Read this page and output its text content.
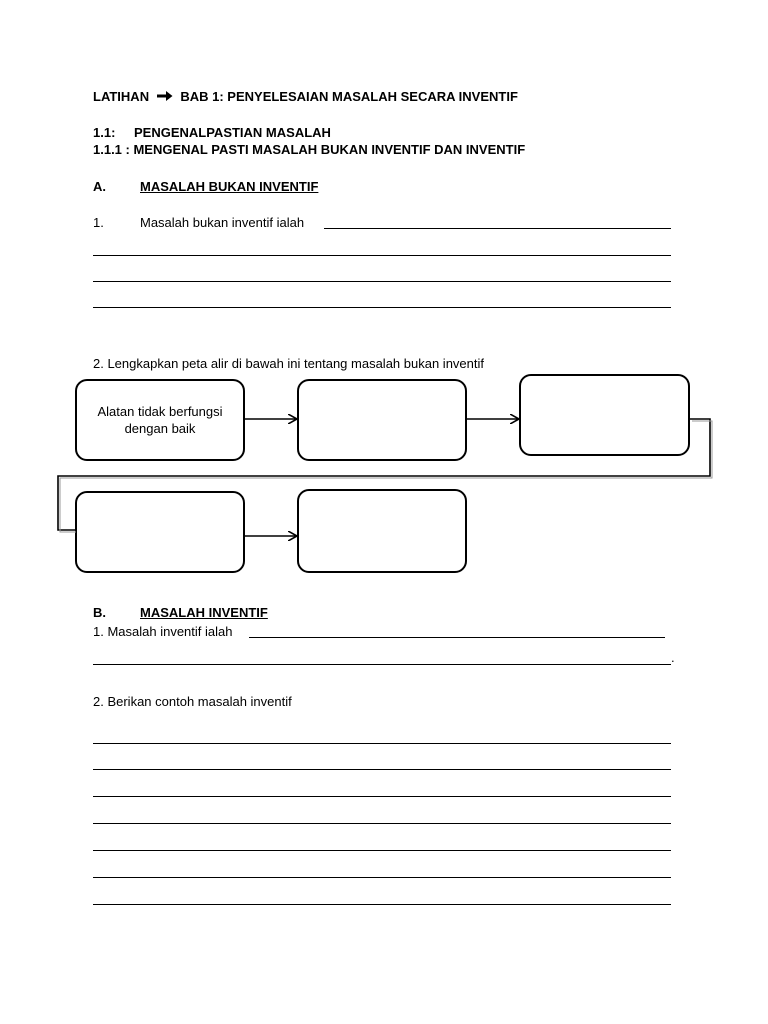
LATIHAN BAB 1: PENYELESAIAN MASALAH SECARA INVENTIF
1.1: PENGENALPASTIAN MASALAH
1.1.1 : MENGENAL PASTI MASALAH BUKAN INVENTIF DAN INVENTIF
A.	MASALAH BUKAN INVENTIF
1.	Masalah bukan inventif ialah
2. Lengkapkan peta alir di bawah ini tentang masalah bukan inventif
Alatan tidak berfungsi dengan baik
B.	MASALAH INVENTIF
1. Masalah inventif ialah
.
2. Berikan contoh masalah inventif
